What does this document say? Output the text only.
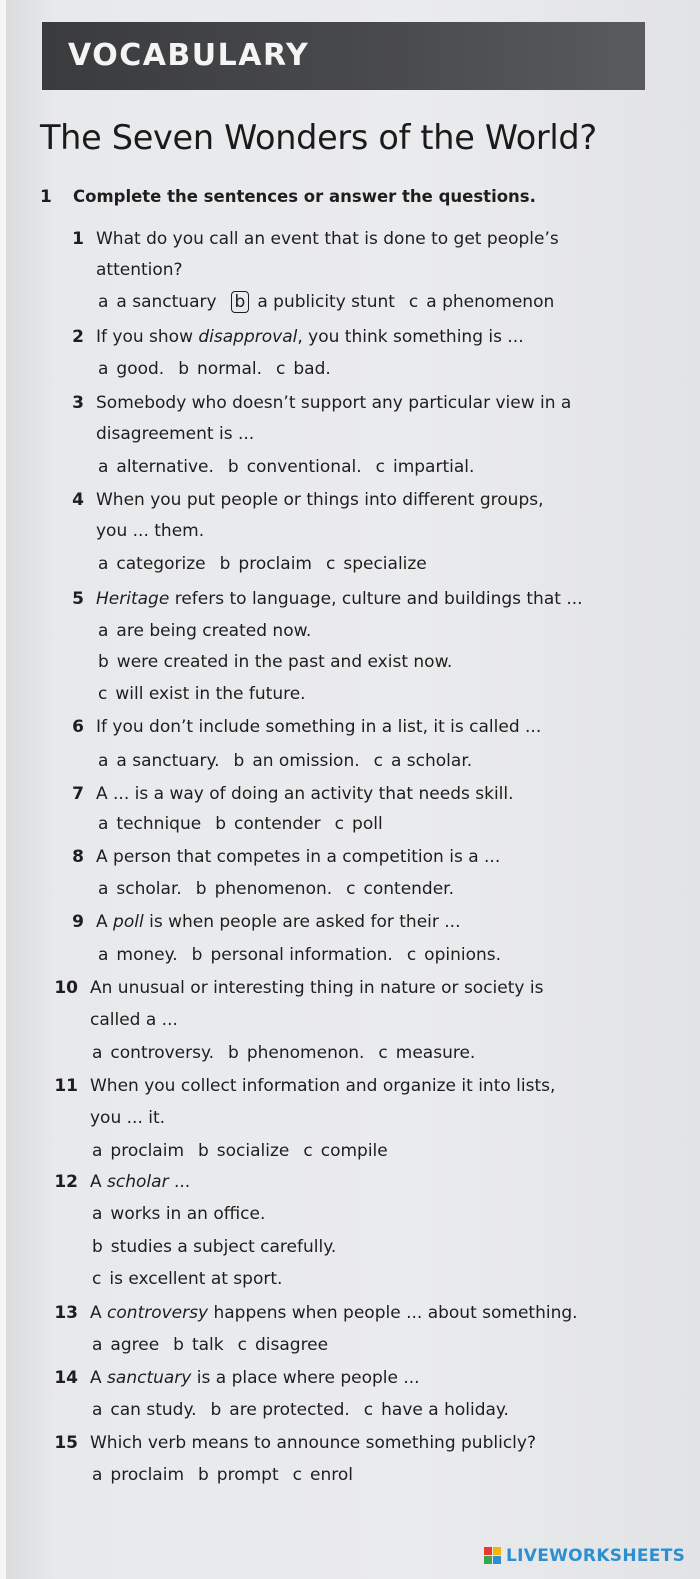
VOCABULARY
The Seven Wonders of the World?
1 Complete the sentences or answer the questions.
LIVEWORKSHEETS
1 What do you call an event that is done to get people’s
attention?
a a sanctuary b a publicity stunt c a phenomenon
2 If you show disapproval, you think something is ...
a good. b normal. c bad.
3 Somebody who doesn’t support any particular view in a
disagreement is ...
a alternative. b conventional. c impartial.
4 When you put people or things into different groups,
you ... them.
a categorize b proclaim c specialize
5 Heritage refers to language, culture and buildings that ...
a are being created now.
b were created in the past and exist now.
c will exist in the future.
6 If you don’t include something in a list, it is called ...
a a sanctuary. b an omission. c a scholar.
7 A ... is a way of doing an activity that needs skill.
a technique b contender c poll
8 A person that competes in a competition is a ...
a scholar. b phenomenon. c contender.
9 A poll is when people are asked for their ...
a money. b personal information. c opinions.
10 An unusual or interesting thing in nature or society is
called a ...
a controversy. b phenomenon. c measure.
11 When you collect information and organize it into lists,
you ... it.
a proclaim b socialize c compile
12 A scholar ...
a works in an office.
b studies a subject carefully.
c is excellent at sport.
13 A controversy happens when people ... about something.
a agree b talk c disagree
14 A sanctuary is a place where people ...
a can study. b are protected. c have a holiday.
15 Which verb means to announce something publicly?
a proclaim b prompt c enrol
